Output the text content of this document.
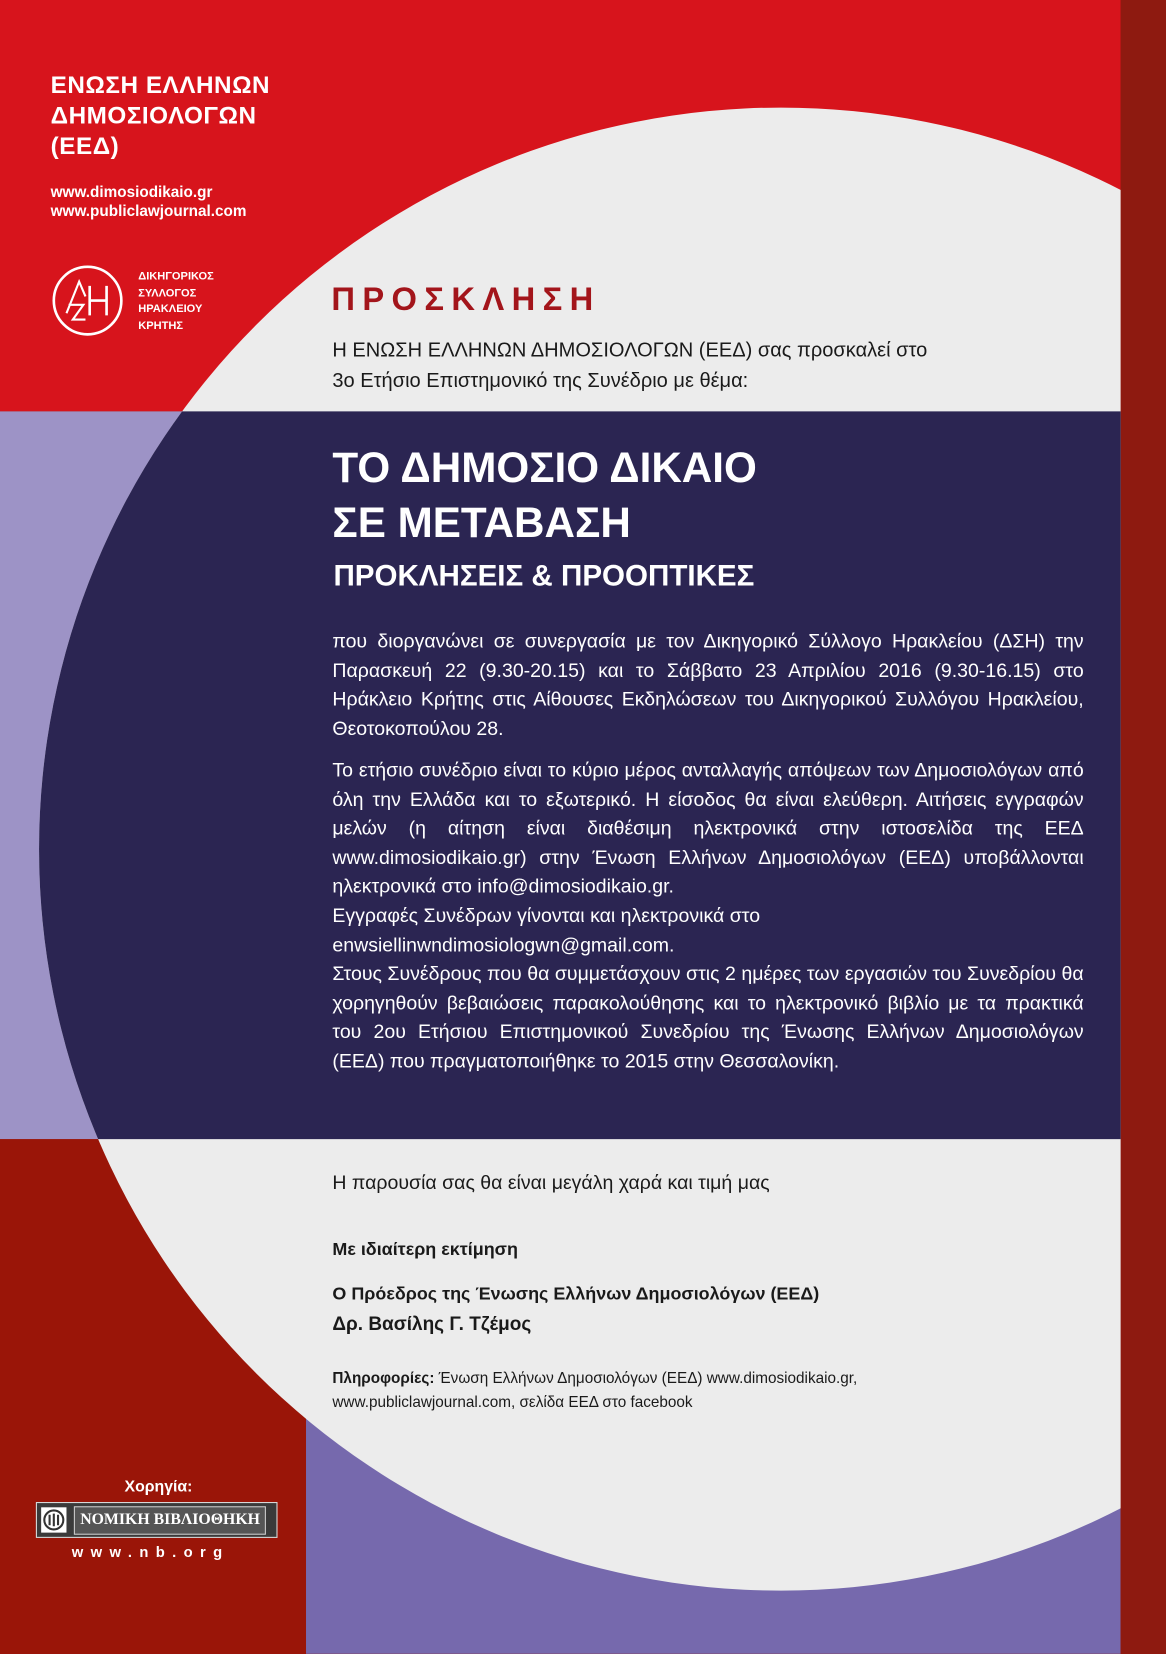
ΕΝΩΣΗ ΕΛΛΗΝΩΝ
ΔΗΜΟΣΙΟΛΟΓΩΝ
(ΕΕΔ)
www.dimosiodikaio.gr
www.publiclawjournal.com
ΔΙΚΗΓΟΡΙΚΟΣ
ΣΥΛΛΟΓΟΣ
ΗΡΑΚΛΕΙΟΥ
ΚΡΗΤΗΣ
ΠΡΟΣΚΛΗΣΗ
Η ΕΝΩΣΗ ΕΛΛΗΝΩΝ ΔΗΜΟΣΙΟΛΟΓΩΝ (ΕΕΔ) σας προσκαλεί στο
3ο Ετήσιο Επιστημονικό της Συνέδριο με θέμα:
ΤΟ ΔΗΜΟΣΙΟ ΔΙΚΑΙΟ
ΣΕ ΜΕΤΑΒΑΣΗ
ΠΡΟΚΛΗΣΕΙΣ & ΠΡΟΟΠΤΙΚΕΣ
που διοργανώνει σε συνεργασία με τον Δικηγορικό Σύλλογο Ηρακλείου (ΔΣΗ) την Παρασκευή 22 (9.30-20.15) και το Σάββατο 23 Απριλίου 2016 (9.30-16.15) στο Ηράκλειο Κρήτης στις Αίθουσες Εκδηλώσεων του Δικηγορικού Συλλόγου Ηρακλείου, Θεοτοκοπούλου 28.
Το ετήσιο συνέδριο είναι το κύριο μέρος ανταλλαγής απόψεων των Δημοσιολόγων από όλη την Ελλάδα και το εξωτερικό. Η είσοδος θα είναι ελεύθερη. Αιτήσεις εγγραφών μελών (η αίτηση είναι διαθέσιμη ηλεκτρονικά στην ιστοσελίδα της ΕΕΔ www.dimosiodikaio.gr) στην Ένωση Ελλήνων Δημοσιολόγων (ΕΕΔ) υποβάλλονται ηλεκτρονικά στο info@dimosiodikaio.gr.
Εγγραφές Συνέδρων γίνονται και ηλεκτρονικά στο
enwsiellinwndimosiologwn@gmail.com.
Στους Συνέδρους που θα συμμετάσχουν στις 2 ημέρες των εργασιών του Συνεδρίου θα χορηγηθούν βεβαιώσεις παρακολούθησης και το ηλεκτρονικό βιβλίο με τα πρακτικά του 2ου Ετήσιου Επιστημονικού Συνεδρίου της Ένωσης Ελλήνων Δημοσιολόγων (ΕΕΔ) που πραγματοποιήθηκε το 2015 στην Θεσσαλονίκη.
Η παρουσία σας θα είναι μεγάλη χαρά και τιμή μας
Με ιδιαίτερη εκτίμηση
Ο Πρόεδρος της Ένωσης Ελλήνων Δημοσιολόγων (ΕΕΔ)
Δρ. Βασίλης Γ. Τζέμος
Πληροφορίες: Ένωση Ελλήνων Δημοσιολόγων (ΕΕΔ) www.dimosiodikaio.gr,
www.publiclawjournal.com, σελίδα ΕΕΔ στο facebook
Χορηγία:
ΝΟΜΙΚΗ ΒΙΒΛΙΟΘΗΚΗ
www.nb.org
